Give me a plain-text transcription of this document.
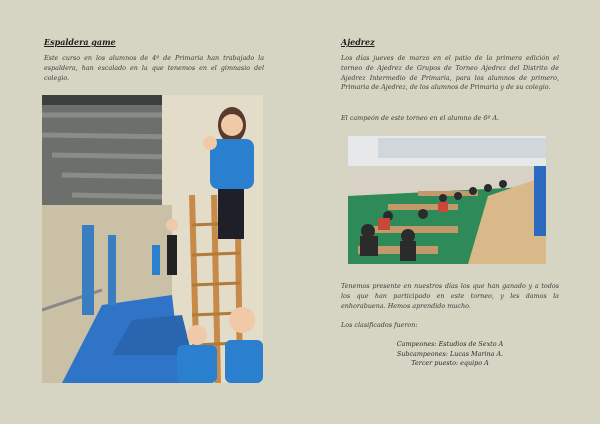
Espaldera game
Este curso en los alumnos de 4º de Primaria han trabajado la espaldera, han escalado en la que tenemos en el gimnasio del colegio.
Ajedrez
Los días jueves de marzo en el patio de la primera edición el torneo de Ajedrez de Grupos de Torneo Ajedrez del Distrito de Ajedrez Intermedio de Primaria, para los alumnos de primero, Primaria de Ajedrez, de los alumnos de Primaria y de su colegio.
El campeón de este torneo en el alumno de 6º A.
Tenemos presente en nuestros días los que han ganado y a todos los que han participado en este torneo, y les damos la enhorabuena. Hemos aprendido mucho.
Los clasificados fueron:
Campeones: Estudios de Sexto A
Subcampeones: Lucas Marina A.
Tercer puesto: equipo A
